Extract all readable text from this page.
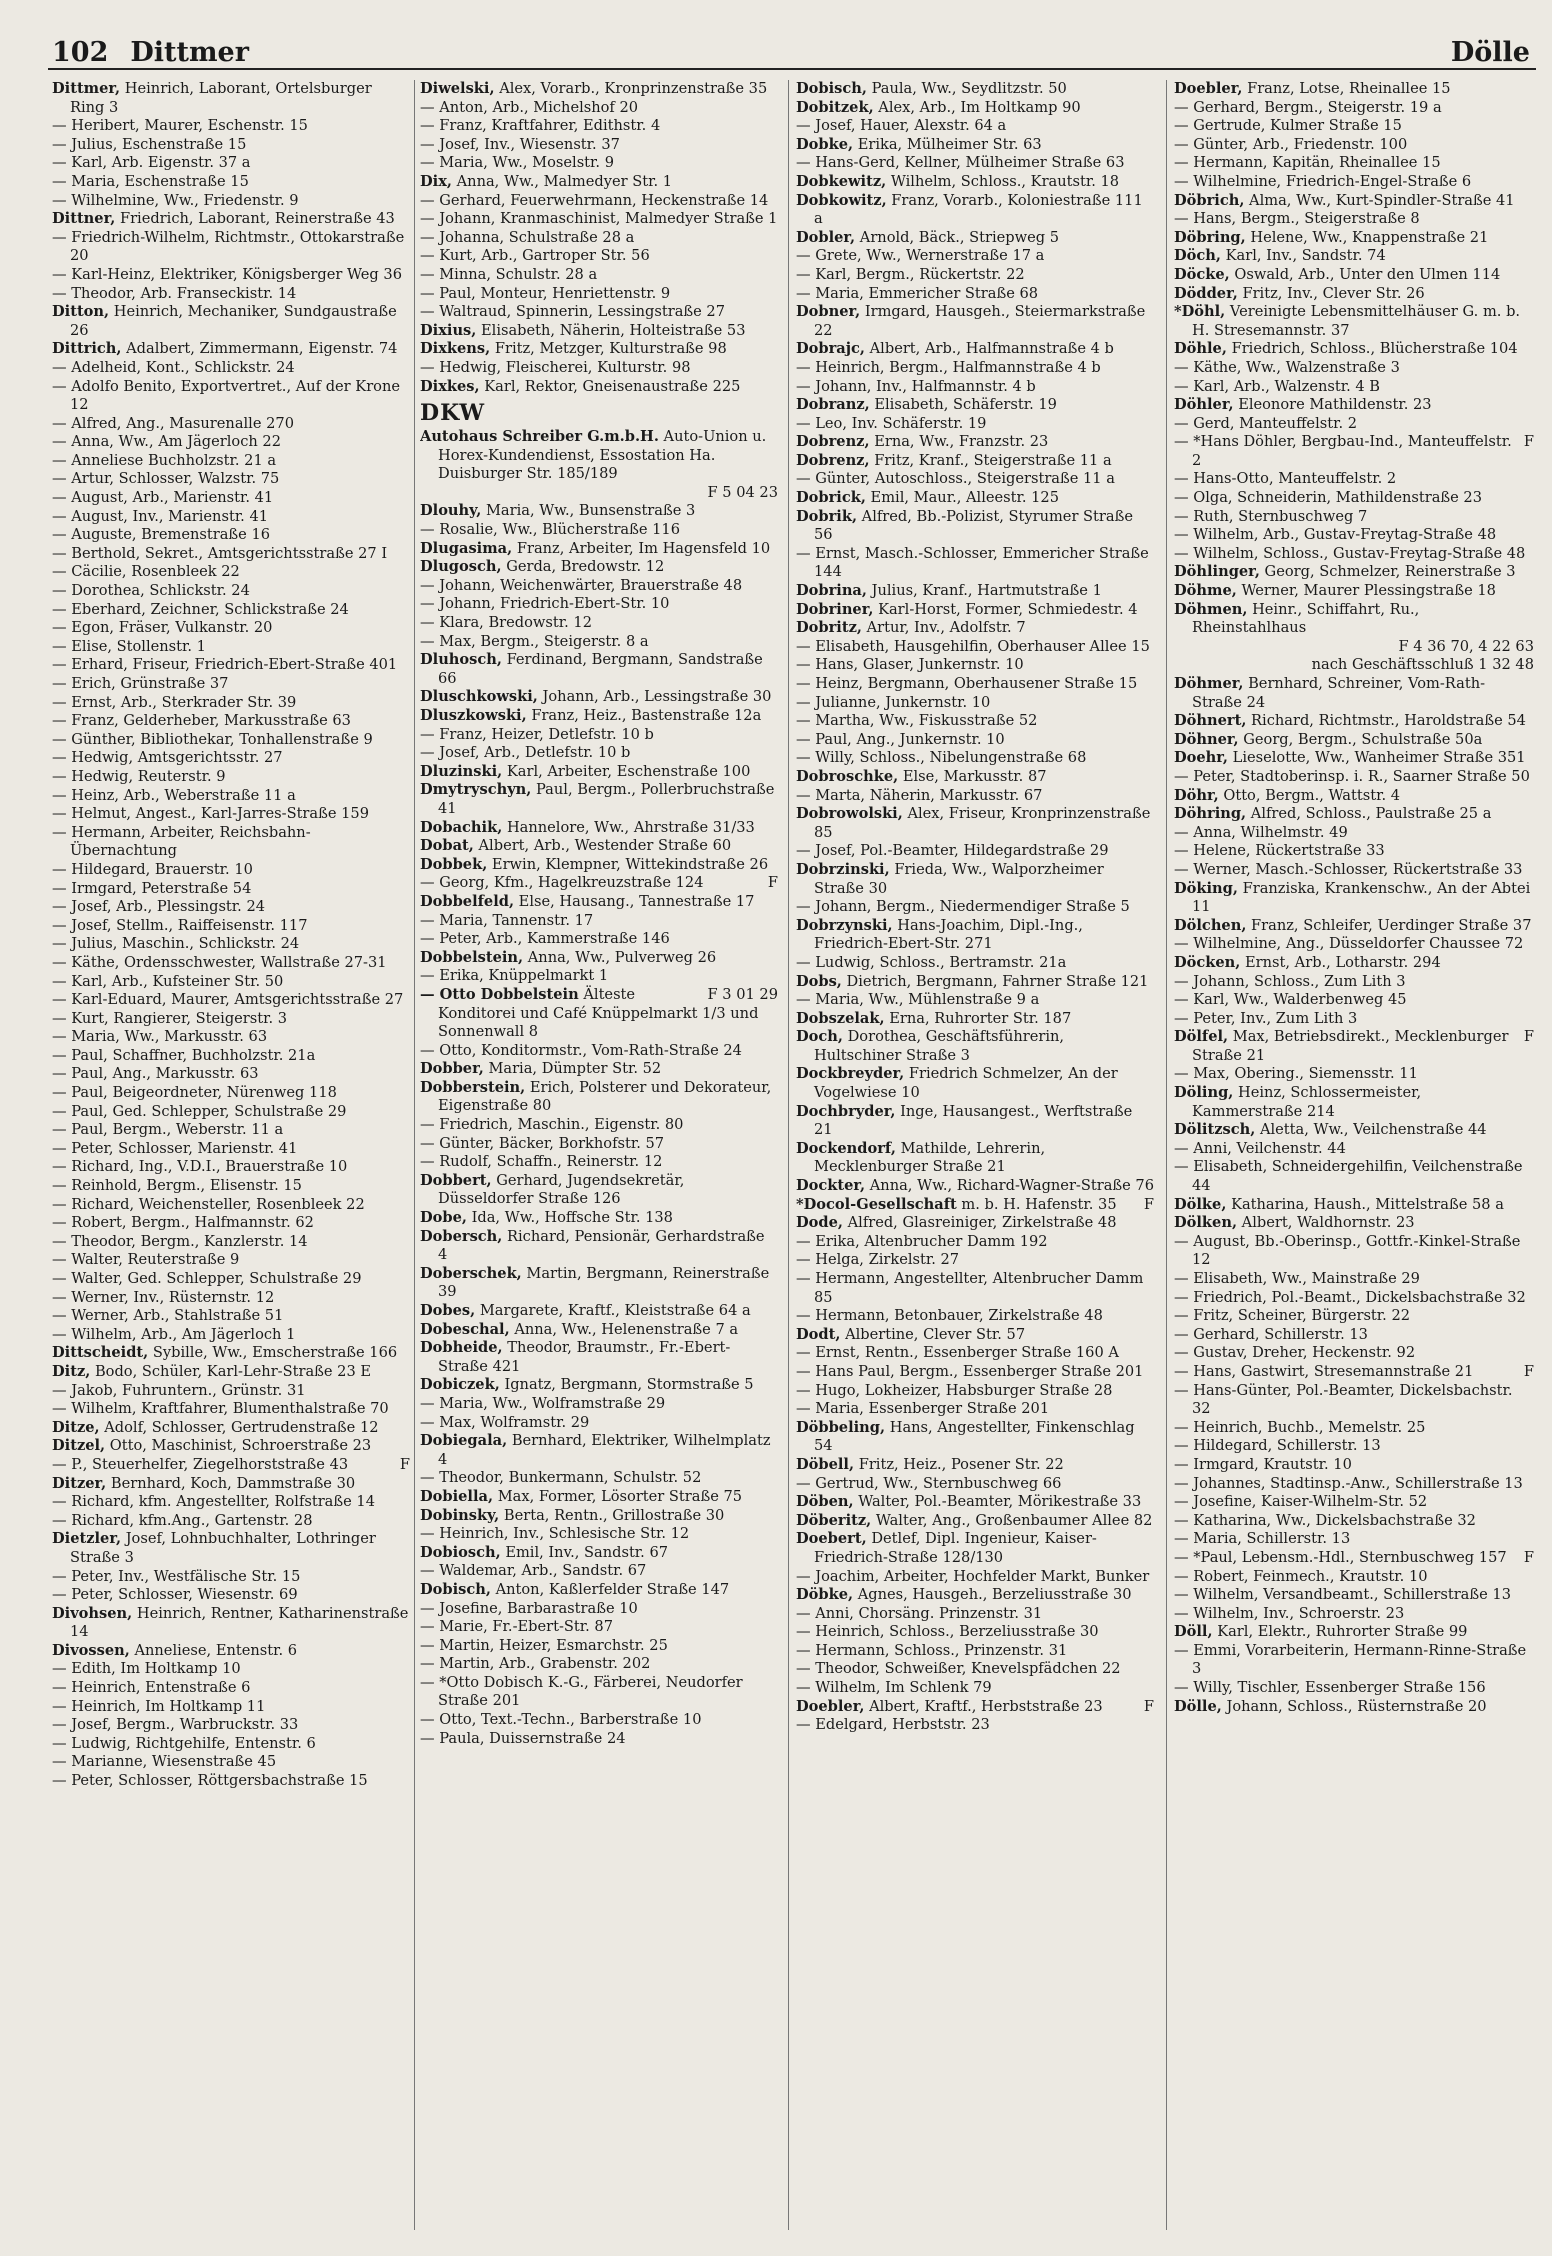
102 Dittmer	Dölle

Dittmer, Heinrich, Laborant, Ortelsburger Ring 3

— Heribert, Maurer, Eschenstr. 15

— Julius, Eschenstraße 15

— Karl, Arb. Eigenstr. 37 a

— Maria, Eschenstraße 15

— Wilhelmine, Ww., Friedenstr. 9

Dittner, Friedrich, Laborant, Reinerstraße 43

— Friedrich-Wilhelm, Richtmstr., Ottokarstraße 20

— Karl-Heinz, Elektriker, Königsberger Weg 36

— Theodor, Arb. Franseckistr. 14

Ditton, Heinrich, Mechaniker, Sundgaustraße 26

Dittrich, Adalbert, Zimmermann, Eigenstr. 74

— Adelheid, Kont., Schlickstr. 24

— Adolfo Benito, Exportvertret., Auf der Krone 12

— Alfred, Ang., Masurenalle 270

— Anna, Ww., Am Jägerloch 22

— Anneliese Buchholzstr. 21 a

— Artur, Schlosser, Walzstr. 75

— August, Arb., Marienstr. 41

— August, Inv., Marienstr. 41

— Auguste, Bremenstraße 16

— Berthold, Sekret., Amtsgerichtsstraße 27 I

— Cäcilie, Rosenbleek 22

— Dorothea, Schlickstr. 24

— Eberhard, Zeichner, Schlickstraße 24

— Egon, Fräser, Vulkanstr. 20

— Elise, Stollenstr. 1

— Erhard, Friseur, Friedrich-Ebert-Straße 401

— Erich, Grünstraße 37

— Ernst, Arb., Sterkrader Str. 39

— Franz, Gelderheber, Markusstraße 63

— Günther, Bibliothekar, Tonhallenstraße 9

— Hedwig, Amtsgerichtsstr. 27

— Hedwig, Reuterstr. 9

— Heinz, Arb., Weberstraße 11 a

— Helmut, Angest., Karl-Jarres-Straße 159

— Hermann, Arbeiter, Reichsbahn-Übernachtung

— Hildegard, Brauerstr. 10

— Irmgard, Peterstraße 54

— Josef, Arb., Plessingstr. 24

— Josef, Stellm., Raiffeisenstr. 117

— Julius, Maschin., Schlickstr. 24

— Käthe, Ordensschwester, Wallstraße 27-31

— Karl, Arb., Kufsteiner Str. 50

— Karl-Eduard, Maurer, Amtsgerichtsstraße 27

— Kurt, Rangierer, Steigerstr. 3

— Maria, Ww., Markusstr. 63

— Paul, Schaffner, Buchholzstr. 21a

— Paul, Ang., Markusstr. 63

— Paul, Beigeordneter, Nürenweg 118

— Paul, Ged. Schlepper, Schulstraße 29

— Paul, Bergm., Weberstr. 11 a

— Peter, Schlosser, Marienstr. 41

— Richard, Ing., V.D.I., Brauerstraße 10

— Reinhold, Bergm., Elisenstr. 15

— Richard, Weichensteller, Rosenbleek 22

— Robert, Bergm., Halfmannstr. 62

— Theodor, Bergm., Kanzlerstr. 14

— Walter, Reuterstraße 9

— Walter, Ged. Schlepper, Schulstraße 29

— Werner, Inv., Rüsternstr. 12

— Werner, Arb., Stahlstraße 51

— Wilhelm, Arb., Am Jägerloch 1

Dittscheidt, Sybille, Ww., Emscherstraße 166

Ditz, Bodo, Schüler, Karl-Lehr-Straße 23 E

— Jakob, Fuhruntern., Grünstr. 31

— Wilhelm, Kraftfahrer, Blumenthalstraße 70

Ditze, Adolf, Schlosser, Gertrudenstraße 12

Ditzel, Otto, Maschinist, Schroerstraße 23

F
— P., Steuerhelfer, Ziegelhorststraße 43

Ditzer, Bernhard, Koch, Dammstraße 30

— Richard, kfm. Angestellter, Rolfstraße 14

— Richard, kfm.Ang., Gartenstr. 28

Dietzler, Josef, Lohnbuchhalter, Lothringer Straße 3

— Peter, Inv., Westfälische Str. 15

— Peter, Schlosser, Wiesenstr. 69

Divohsen, Heinrich, Rentner, Katharinenstraße 14

Divossen, Anneliese, Entenstr. 6

— Edith, Im Holtkamp 10

— Heinrich, Entenstraße 6

— Heinrich, Im Holtkamp 11

— Josef, Bergm., Warbruckstr. 33

— Ludwig, Richtgehilfe, Entenstr. 6

— Marianne, Wiesenstraße 45

— Peter, Schlosser, Röttgersbachstraße 15

Diwelski, Alex, Vorarb., Kronprinzenstraße 35

— Anton, Arb., Michelshof 20

— Franz, Kraftfahrer, Edithstr. 4

— Josef, Inv., Wiesenstr. 37

— Maria, Ww., Moselstr. 9

Dix, Anna, Ww., Malmedyer Str. 1

— Gerhard, Feuerwehrmann, Heckenstraße 14

— Johann, Kranmaschinist, Malmedyer Straße 1

— Johanna, Schulstraße 28 a

— Kurt, Arb., Gartroper Str. 56

— Minna, Schulstr. 28 a

— Paul, Monteur, Henriettenstr. 9

— Waltraud, Spinnerin, Lessingstraße 27

Dixius, Elisabeth, Näherin, Holteistraße 53

Dixkens, Fritz, Metzger, Kulturstraße 98

— Hedwig, Fleischerei, Kulturstr. 98

Dixkes, Karl, Rektor, Gneisenaustraße 225

DKW

Autohaus Schreiber G.m.b.H. Auto-Union u. Horex-Kundendienst, Essostation Ha. Duisburger Str. 185/189
F 5 04 23

Dlouhy, Maria, Ww., Bunsenstraße 3

— Rosalie, Ww., Blücherstraße 116

Dlugasima, Franz, Arbeiter, Im Hagensfeld 10

Dlugosch, Gerda, Bredowstr. 12

— Johann, Weichenwärter, Brauerstraße 48

— Johann, Friedrich-Ebert-Str. 10

— Klara, Bredowstr. 12

— Max, Bergm., Steigerstr. 8 a

Dluhosch, Ferdinand, Bergmann, Sandstraße 66

Dluschkowski, Johann, Arb., Lessingstraße 30

Dluszkowski, Franz, Heiz., Bastenstraße 12a

— Franz, Heizer, Detlefstr. 10 b

— Josef, Arb., Detlefstr. 10 b

Dluzinski, Karl, Arbeiter, Eschenstraße 100

Dmytryschyn, Paul, Bergm., Pollerbruchstraße 41

Dobachik, Hannelore, Ww., Ahrstraße 31/33

Dobat, Albert, Arb., Westender Straße 60

Dobbek, Erwin, Klempner, Wittekindstraße 26

F
— Georg, Kfm., Hagelkreuzstraße 124

Dobbelfeld, Else, Hausang., Tannestraße 17

— Maria, Tannenstr. 17

— Peter, Arb., Kammerstraße 146

Dobbelstein, Anna, Ww., Pulverweg 26

— Erika, Knüppelmarkt 1

F 3 01 29
— Otto Dobbelstein Älteste Konditorei und Café Knüppelmarkt 1/3 und Sonnenwall 8

— Otto, Konditormstr., Vom-Rath-Straße 24

Dobber, Maria, Dümpter Str. 52

Dobberstein, Erich, Polsterer und Dekorateur, Eigenstraße 80

— Friedrich, Maschin., Eigenstr. 80

— Günter, Bäcker, Borkhofstr. 57

— Rudolf, Schaffn., Reinerstr. 12

Dobbert, Gerhard, Jugendsekretär, Düsseldorfer Straße 126

Dobe, Ida, Ww., Hoffsche Str. 138

Dobersch, Richard, Pensionär, Gerhardstraße 4

Doberschek, Martin, Bergmann, Reinerstraße 39

Dobes, Margarete, Kraftf., Kleiststraße 64 a

Dobeschal, Anna, Ww., Helenenstraße 7 a

Dobheide, Theodor, Braumstr., Fr.-Ebert-Straße 421

Dobiczek, Ignatz, Bergmann, Stormstraße 5

— Maria, Ww., Wolframstraße 29

— Max, Wolframstr. 29

Dobiegala, Bernhard, Elektriker, Wilhelmplatz 4

— Theodor, Bunkermann, Schulstr. 52

Dobiella, Max, Former, Lösorter Straße 75

Dobinsky, Berta, Rentn., Grillostraße 30

— Heinrich, Inv., Schlesische Str. 12

Dobiosch, Emil, Inv., Sandstr. 67

— Waldemar, Arb., Sandstr. 67

Dobisch, Anton, Kaßlerfelder Straße 147

— Josefine, Barbarastraße 10

— Marie, Fr.-Ebert-Str. 87

— Martin, Heizer, Esmarchstr. 25

— Martin, Arb., Grabenstr. 202

— *Otto Dobisch K.-G., Färberei, Neudorfer Straße 201

— Otto, Text.-Techn., Barberstraße 10

— Paula, Duissernstraße 24

Dobisch, Paula, Ww., Seydlitzstr. 50

Dobitzek, Alex, Arb., Im Holtkamp 90

— Josef, Hauer, Alexstr. 64 a

Dobke, Erika, Mülheimer Str. 63

— Hans-Gerd, Kellner, Mülheimer Straße 63

Dobkewitz, Wilhelm, Schloss., Krautstr. 18

Dobkowitz, Franz, Vorarb., Koloniestraße 111 a

Dobler, Arnold, Bäck., Striepweg 5

— Grete, Ww., Wernerstraße 17 a

— Karl, Bergm., Rückertstr. 22

— Maria, Emmericher Straße 68

Dobner, Irmgard, Hausgeh., Steiermarkstraße 22

Dobrajc, Albert, Arb., Halfmannstraße 4 b

— Heinrich, Bergm., Halfmannstraße 4 b

— Johann, Inv., Halfmannstr. 4 b

Dobranz, Elisabeth, Schäferstr. 19

— Leo, Inv. Schäferstr. 19

Dobrenz, Erna, Ww., Franzstr. 23

Dobrenz, Fritz, Kranf., Steigerstraße 11 a

— Günter, Autoschloss., Steigerstraße 11 a

Dobrick, Emil, Maur., Alleestr. 125

Dobrik, Alfred, Bb.-Polizist, Styrumer Straße 56

— Ernst, Masch.-Schlosser, Emmericher Straße 144

Dobrina, Julius, Kranf., Hartmutstraße 1

Dobriner, Karl-Horst, Former, Schmiedestr. 4

Dobritz, Artur, Inv., Adolfstr. 7

— Elisabeth, Hausgehilfin, Oberhauser Allee 15

— Hans, Glaser, Junkernstr. 10

— Heinz, Bergmann, Oberhausener Straße 15

— Julianne, Junkernstr. 10

— Martha, Ww., Fiskusstraße 52

— Paul, Ang., Junkernstr. 10

— Willy, Schloss., Nibelungenstraße 68

Dobroschke, Else, Markusstr. 87

— Marta, Näherin, Markusstr. 67

Dobrowolski, Alex, Friseur, Kronprinzenstraße 85

— Josef, Pol.-Beamter, Hildegardstraße 29

Dobrzinski, Frieda, Ww., Walporzheimer Straße 30

— Johann, Bergm., Niedermendiger Straße 5

Dobrzynski, Hans-Joachim, Dipl.-Ing., Friedrich-Ebert-Str. 271

— Ludwig, Schloss., Bertramstr. 21a

Dobs, Dietrich, Bergmann, Fahrner Straße 121

— Maria, Ww., Mühlenstraße 9 a

Dobszelak, Erna, Ruhrorter Str. 187

Doch, Dorothea, Geschäftsführerin, Hultschiner Straße 3

Dockbreyder, Friedrich Schmelzer, An der Vogelwiese 10

Dochbryder, Inge, Hausangest., Werftstraße 21

Dockendorf, Mathilde, Lehrerin, Mecklenburger Straße 21

Dockter, Anna, Ww., Richard-Wagner-Straße 76

F
*Docol-Gesellschaft m. b. H. Hafenstr. 35

Dode, Alfred, Glasreiniger, Zirkelstraße 48

— Erika, Altenbrucher Damm 192

— Helga, Zirkelstr. 27

— Hermann, Angestellter, Altenbrucher Damm 85

— Hermann, Betonbauer, Zirkelstraße 48

Dodt, Albertine, Clever Str. 57

— Ernst, Rentn., Essenberger Straße 160 A

— Hans Paul, Bergm., Essenberger Straße 201

— Hugo, Lokheizer, Habsburger Straße 28

— Maria, Essenberger Straße 201

Döbbeling, Hans, Angestellter, Finkenschlag 54

Döbell, Fritz, Heiz., Posener Str. 22

— Gertrud, Ww., Sternbuschweg 66

Döben, Walter, Pol.-Beamter, Mörikestraße 33

Döberitz, Walter, Ang., Großenbaumer Allee 82

Doebert, Detlef, Dipl. Ingenieur, Kaiser-Friedrich-Straße 128/130

— Joachim, Arbeiter, Hochfelder Markt, Bunker

Döbke, Agnes, Hausgeh., Berzeliusstraße 30

— Anni, Chorsäng. Prinzenstr. 31

— Heinrich, Schloss., Berzeliusstraße 30

— Hermann, Schloss., Prinzenstr. 31

— Theodor, Schweißer, Knevelspfädchen 22

— Wilhelm, Im Schlenk 79

F
Doebler, Albert, Kraftf., Herbststraße 23

— Edelgard, Herbststr. 23

Doebler, Franz, Lotse, Rheinallee 15

— Gerhard, Bergm., Steigerstr. 19 a

— Gertrude, Kulmer Straße 15

— Günter, Arb., Friedenstr. 100

— Hermann, Kapitän, Rheinallee 15

— Wilhelmine, Friedrich-Engel-Straße 6

Döbrich, Alma, Ww., Kurt-Spindler-Straße 41

— Hans, Bergm., Steigerstraße 8

Döbring, Helene, Ww., Knappenstraße 21

Döch, Karl, Inv., Sandstr. 74

Döcke, Oswald, Arb., Unter den Ulmen 114

Dödder, Fritz, Inv., Clever Str. 26

*Döhl, Vereinigte Lebensmittelhäuser G. m. b. H. Stresemannstr. 37

Döhle, Friedrich, Schloss., Blücherstraße 104

— Käthe, Ww., Walzenstraße 3

— Karl, Arb., Walzenstr. 4 B

Döhler, Eleonore Mathildenstr. 23

— Gerd, Manteuffelstr. 2

F
— *Hans Döhler, Bergbau-Ind., Manteuffelstr. 2

— Hans-Otto, Manteuffelstr. 2

— Olga, Schneiderin, Mathildenstraße 23

— Ruth, Sternbuschweg 7

— Wilhelm, Arb., Gustav-Freytag-Straße 48

— Wilhelm, Schloss., Gustav-Freytag-Straße 48

Döhlinger, Georg, Schmelzer, Reinerstraße 3

Döhme, Werner, Maurer Plessingstraße 18

Döhmen, Heinr., Schiffahrt, Ru., Rheinstahlhaus
F 4 36 70, 4 22 63
nach Geschäftsschluß 1 32 48

Döhmer, Bernhard, Schreiner, Vom-Rath-Straße 24

Döhnert, Richard, Richtmstr., Haroldstraße 54

Döhner, Georg, Bergm., Schulstraße 50a

Doehr, Lieselotte, Ww., Wanheimer Straße 351

— Peter, Stadtoberinsp. i. R., Saarner Straße 50

Döhr, Otto, Bergm., Wattstr. 4

Döhring, Alfred, Schloss., Paulstraße 25 a

— Anna, Wilhelmstr. 49

— Helene, Rückertstraße 33

— Werner, Masch.-Schlosser, Rückertstraße 33

Döking, Franziska, Krankenschw., An der Abtei 11

Dölchen, Franz, Schleifer, Uerdinger Straße 37

— Wilhelmine, Ang., Düsseldorfer Chaussee 72

Döcken, Ernst, Arb., Lotharstr. 294

— Johann, Schloss., Zum Lith 3

— Karl, Ww., Walderbenweg 45

— Peter, Inv., Zum Lith 3

F
Dölfel, Max, Betriebsdirekt., Mecklenburger Straße 21

— Max, Obering., Siemensstr. 11

Döling, Heinz, Schlossermeister, Kammerstraße 214

Dölitzsch, Aletta, Ww., Veilchenstraße 44

— Anni, Veilchenstr. 44

— Elisabeth, Schneidergehilfin, Veilchenstraße 44

Dölke, Katharina, Haush., Mittelstraße 58 a

Dölken, Albert, Waldhornstr. 23

— August, Bb.-Oberinsp., Gottfr.-Kinkel-Straße 12

— Elisabeth, Ww., Mainstraße 29

— Friedrich, Pol.-Beamt., Dickelsbachstraße 32

— Fritz, Scheiner, Bürgerstr. 22

— Gerhard, Schillerstr. 13

— Gustav, Dreher, Heckenstr. 92

F
— Hans, Gastwirt, Stresemannstraße 21

— Hans-Günter, Pol.-Beamter, Dickelsbachstr. 32

— Heinrich, Buchb., Memelstr. 25

— Hildegard, Schillerstr. 13

— Irmgard, Krautstr. 10

— Johannes, Stadtinsp.-Anw., Schillerstraße 13

— Josefine, Kaiser-Wilhelm-Str. 52

— Katharina, Ww., Dickelsbachstraße 32

— Maria, Schillerstr. 13

F
— *Paul, Lebensm.-Hdl., Sternbuschweg 157

— Robert, Feinmech., Krautstr. 10

— Wilhelm, Versandbeamt., Schillerstraße 13

— Wilhelm, Inv., Schroerstr. 23

Döll, Karl, Elektr., Ruhrorter Straße 99

— Emmi, Vorarbeiterin, Hermann-Rinne-Straße 3

— Willy, Tischler, Essenberger Straße 156

Dölle, Johann, Schloss., Rüsternstraße 20
